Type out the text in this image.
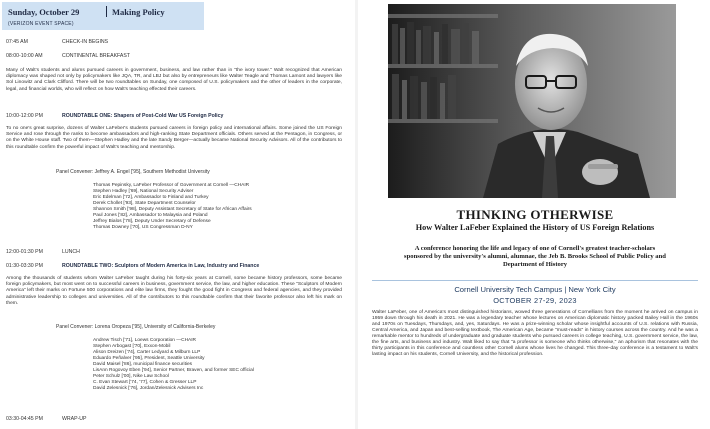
Sunday, October 29	Making Policy
(VERIZON EVENT SPACE)
07:45 AM	CHECK-IN BEGINS
08:00-10:00 AM	CONTINENTAL BREAKFAST

Many of Walt's students and alums pursued careers in government, business, and law rather than in "the ivory tower." Walt recognized that American diplomacy was shaped not only by policymakers like JQA, TR, and LBJ but also by entrepreneurs like Walter Teagle and Thomas Lamont and lawyers like Sol Linowitz and Clark Clifford. There will be two roundtables on Sunday, one composed of U.S. policymakers and the other of leaders in the corporate, legal, and financial worlds, who will reflect on how Walt's teaching effected their careers.

10:00-12:00 PM	ROUNDTABLE ONE: Shapers of Post-Cold War US Foreign Policy

To no one's great surprise, dozens of Walter LaFeber's students pursued careers in foreign policy and international affairs. Some joined the US Foreign Service and rose through the ranks to become ambassadors and high-ranking State Department officials. Others served at the Pentagon, in Congress, or on the White House staff. Two of them—Stephen Hadley and the late Sandy Berger—actually became National Security Advisors. All of the contributors to this roundtable confirm the powerful impact of Walt's teaching and mentorship.

Panel Convener: Jeffrey A. Engel ['95], Southern Methodist University
Thomas Pepinsky, LaFeber Professor of Government at Cornell —CHAIR
Stephen Hadley ['69], National Security Adviser
Eric Edelman ['72], Ambassador to Finland and Turkey
Derek Chollet ['93], State Department Counselor
Shannon Smith ['98], Deputy Assistant Secretary of State for African Affairs
Paul Jones ['82], Ambassador to Malaysia and Poland
Jeffrey Bialos ['78], Deputy Under Secretary of Defense
Thomas Downey ['70], US Congressman D-NY
12:00-01:30 PM	LUNCH
01:30-03:30 PM	ROUNDTABLE TWO: Sculptors of Modern America in Law, Industry and Finance

Among the thousands of students whom Walter LaFeber taught during his forty-six years at Cornell, some became history professors, some became foreign policymakers, but most went on to successful careers in business, government service, the law, and higher education. These "Sculptors of Modern America" left their marks on Fortune 500 corporations and elite law firms, they fought the good fight in Congress and federal agencies, and they provided administrative leadership to colleges and universities. All of the contributors to this roundtable confirm that their favorite professor also left his mark on them.

Panel Convener: Lorena Oropeza ['95], University of California-Berkeley
Andrew Tisch ['71], Loews Corporation —CHAIR
Stephen Arbogast ['70], Exxon-Mobil
Alison Dreizen ['74], Carter Ledyard & Milburn LLP
Eduardo Peñalver ['95], President, Seattle University
David Maisel ['86], municipal finance securities
LisAnn Rogovoy Eben ['94], Senior Partner, Braven, and former SEC official
Peter Schulz ['00], Nike Law School
C. Evan Stewart ['74, '77], Cohen & Gresser LLP
David Zelesnick ['76], Jordan/Zelesnick Advisers Inc
03:30-04:45 PM	WRAP-UP
THINKING OTHERWISE
How Walter LaFeber Explained the History of US Foreign Relations

A conference honoring the life and legacy of one of Cornell's greatest teacher-scholars sponsored by the university's alumni, alumnae, the Jeb B. Brooks School of Public Policy and Department of History

Cornell University Tech Campus | New York City
OCTOBER 27-29, 2023

Walter LaFeber, one of America's most distinguished historians, wowed three generations of Cornellians from the moment he arrived on campus in 1959 down through his death in 2021. He was a legendary teacher whose lectures on American diplomatic history packed Bailey Hall in the 1960s and 1970s on Tuesdays, Thursdays, and, yes, Saturdays. He was a prize-winning scholar whose insightful accounts of U.S. relations with Russia, Central America, and Japan and best-selling textbook, The American Age, became "must-reads" in history courses across the country. And he was a remarkable mentor to hundreds of undergraduate and graduate students who pursued careers in college teaching, U.S. government service, the law, the fine arts, and business and industry. Walt liked to say that "a professor is someone who thinks otherwise," an aphorism that resonates with the thirty participants in this conference and countless other Cornell alums whose lives he changed. This three-day conference is a testament to Walt's lasting impact on his students, Cornell University, and the historical profession.
